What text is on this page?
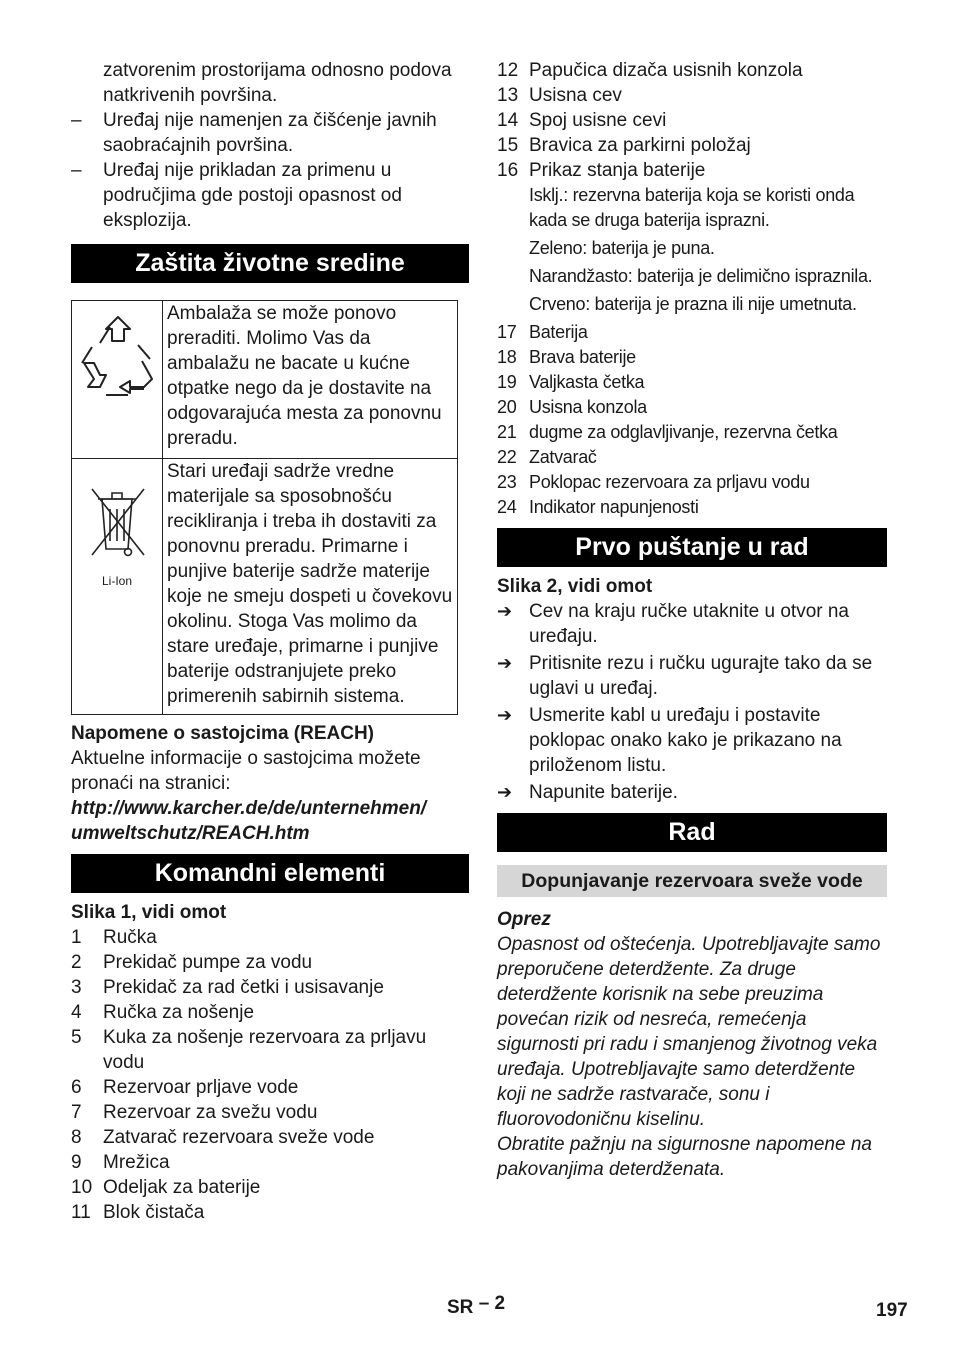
zatvorenim prostorijama odnosno podova natkrivenih površina.

–	Uređaj nije namenjen za čišćenje javnih saobraćajnih površina.
–	Uređaj nije prikladan za primenu u područjima gde postoji opasnost od eksplozija.
Zaštita životne sredine
	Ambalaža se može ponovo preraditi. Molimo Vas da ambalažu ne bacate u kućne otpatke nego da je dostavite na odgovarajuća mesta za ponovnu preradu.

Li-Ion	Stari uređaji sadrže vredne materijale sa sposobnošću recikliranja i treba ih dostaviti za ponovnu preradu. Primarne i punjive baterije sadrže materije koje ne smeju dospeti u čovekovu okolinu. Stoga Vas molimo da stare uređaje, primarne i punjive baterije odstranjujete preko primerenih sabirnih sistema.

Napomene o sastojcima (REACH)

Aktuelne informacije o sastojcima možete pronaći na stranici:

http://www.karcher.de/de/unternehmen/

umweltschutz/REACH.htm

Komandni elementi

Slika 1, vidi omot

1 Ručka
2 Prekidač pumpe za vodu
3 Prekidač za rad četki i usisavanje
4 Ručka za nošenje
5 Kuka za nošenje rezervoara za prljavu vodu
6 Rezervoar prljave vode
7 Rezervoar za svežu vodu
8 Zatvarač rezervoara sveže vode
9 Mrežica
10 Odeljak za baterije
11 Blok čistača
12 Papučica dizača usisnih konzola
13 Usisna cev
14 Spoj usisne cevi
15 Bravica za parkirni položaj
16 Prikaz stanja baterije

Isklj.: rezervna baterija koja se koristi onda kada se druga baterija isprazni.

Zeleno: baterija je puna.

Narandžasto: baterija je delimično ispraznila.

Crveno: baterija je prazna ili nije umetnuta.

17 Baterija
18 Brava baterije
19 Valjkasta četka
20 Usisna konzola
21 dugme za odglavljivanje, rezervna četka
22 Zatvarač
23 Poklopac rezervoara za prljavu vodu
24 Indikator napunjenosti
Prvo puštanje u rad

Slika 2, vidi omot

➔ Cev na kraju ručke utaknite u otvor na uređaju.
➔ Pritisnite rezu i ručku ugurajte tako da se uglavi u uređaj.
➔ Usmerite kabl u uređaju i postavite poklopac onako kako je prikazano na priloženom listu.
➔ Napunite baterije.
Rad
Dopunjavanje rezervoara sveže vode

Oprez

Opasnost od oštećenja. Upotrebljavajte samo preporučene deterdžente. Za druge deterdžente korisnik na sebe preuzima povećan rizik od nesreća, remećenja sigurnosti pri radu i smanjenog životnog veka uređaja. Upotrebljavajte samo deterdžente koji ne sadrže rastvarače, sonu i fluorovodoničnu kiselinu.

Obratite pažnju na sigurnosne napomene na pakovanjima deterdženata.

SR – 2	197
